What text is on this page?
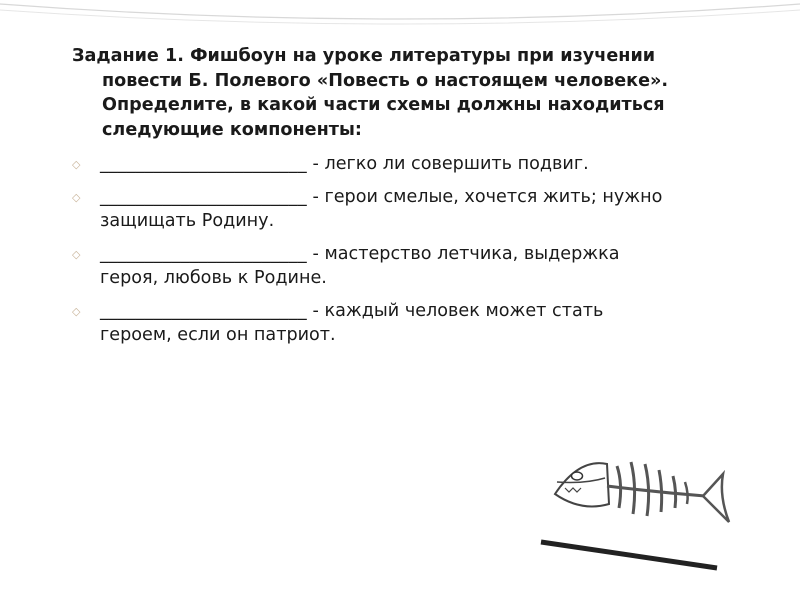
Задание 1. Фишбоун на уроке литературы при изучении
повести Б. Полевого «Повесть о настоящем человеке».
Определите, в какой части схемы должны находиться
следующие компоненты:
◇	_______________________ - легко ли совершить подвиг.
◇	_______________________ - герои смелые, хочется жить; нужно
защищать Родину.
◇	_______________________ - мастерство летчика, выдержка
героя, любовь к Родине.
◇	_______________________ - каждый человек может стать
героем, если он патриот.
